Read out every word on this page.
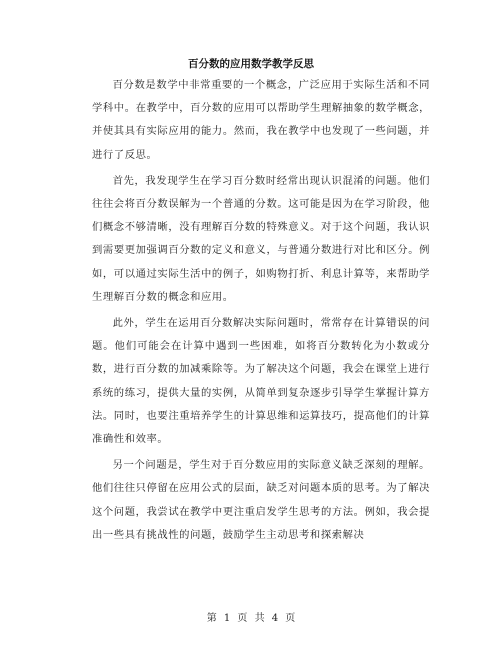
百分数的应用数学教学反思

百分数是数学中非常重要的一个概念，广泛应用于实际生活和不同学科中。在教学中，百分数的应用可以帮助学生理解抽象的数学概念，并使其具有实际应用的能力。然而，我在教学中也发现了一些问题，并进行了反思。

首先，我发现学生在学习百分数时经常出现认识混淆的问题。他们往往会将百分数误解为一个普通的分数。这可能是因为在学习阶段，他们概念不够清晰，没有理解百分数的特殊意义。对于这个问题，我认识到需要更加强调百分数的定义和意义，与普通分数进行对比和区分。例如，可以通过实际生活中的例子，如购物打折、利息计算等，来帮助学生理解百分数的概念和应用。

此外，学生在运用百分数解决实际问题时，常常存在计算错误的问题。他们可能会在计算中遇到一些困难，如将百分数转化为小数或分数，进行百分数的加减乘除等。为了解决这个问题，我会在课堂上进行系统的练习，提供大量的实例，从简单到复杂逐步引导学生掌握计算方法。同时，也要注重培养学生的计算思维和运算技巧，提高他们的计算准确性和效率。

另一个问题是，学生对于百分数应用的实际意义缺乏深刻的理解。他们往往只停留在应用公式的层面，缺乏对问题本质的思考。为了解决这个问题，我尝试在教学中更注重启发学生思考的方法。例如，我会提出一些具有挑战性的问题，鼓励学生主动思考和探索解决

第 1 页 共 4 页
